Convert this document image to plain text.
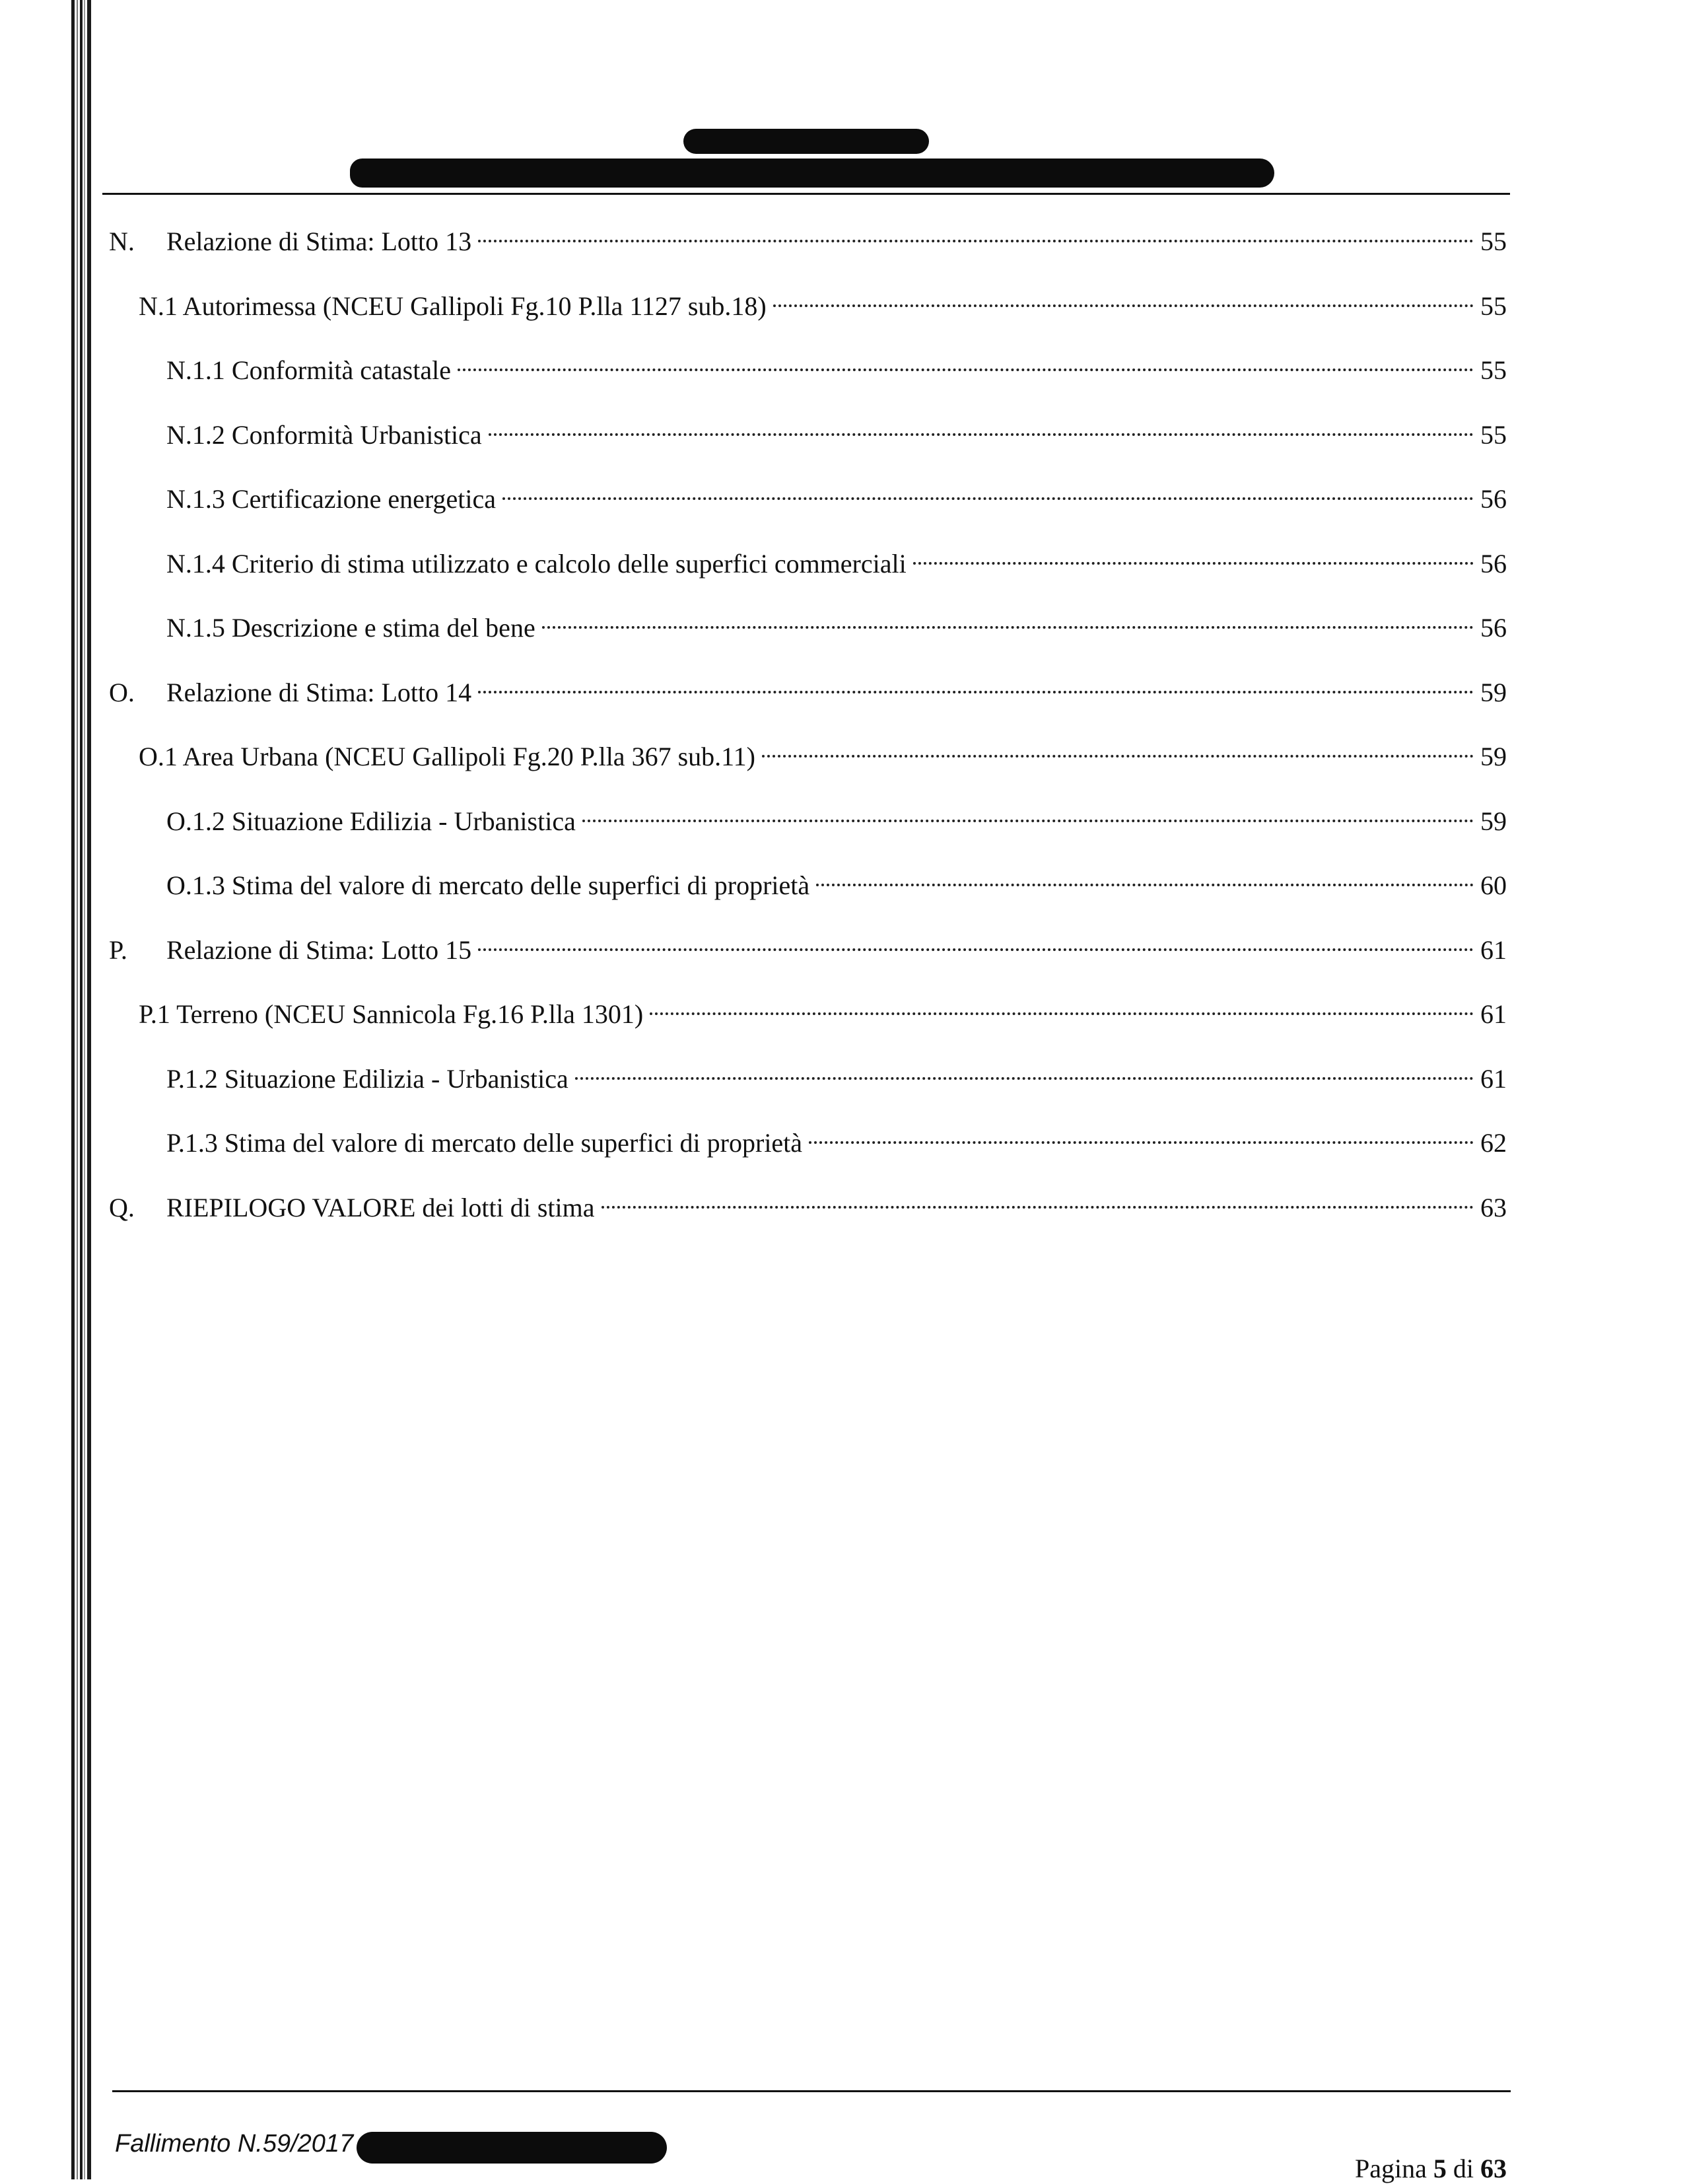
N. Relazione di Stima: Lotto 13	55
N.1 Autorimessa (NCEU Gallipoli Fg.10 P.lla 1127 sub.18)	55
N.1.1 Conformità catastale	55
N.1.2 Conformità Urbanistica	55
N.1.3 Certificazione energetica	56
N.1.4 Criterio di stima utilizzato e calcolo delle superfici commerciali	56
N.1.5 Descrizione e stima del bene	56
O. Relazione di Stima: Lotto 14	59
O.1 Area Urbana (NCEU Gallipoli Fg.20 P.lla 367 sub.11)	59
O.1.2 Situazione Edilizia - Urbanistica	59
O.1.3 Stima del valore di mercato delle superfici di proprietà	60
P. Relazione di Stima: Lotto 15	61
P.1 Terreno (NCEU Sannicola Fg.16 P.lla 1301)	61
P.1.2 Situazione Edilizia - Urbanistica	61
P.1.3 Stima del valore di mercato delle superfici di proprietà	62
Q. RIEPILOGO VALORE dei lotti di stima	63
Fallimento N.59/2017
Pagina 5 di 63
